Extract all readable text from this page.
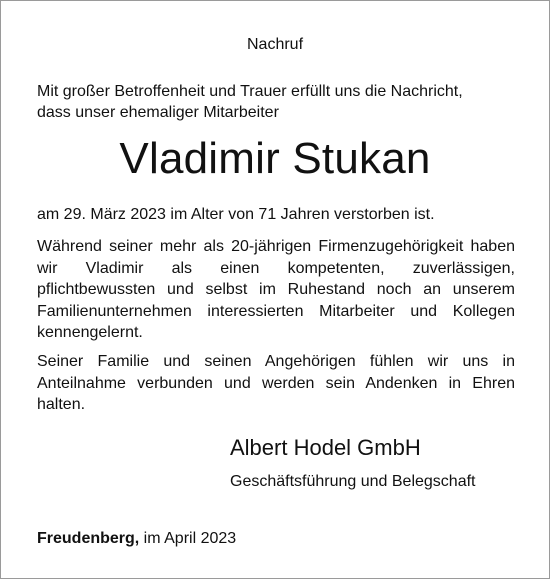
Nachruf
Mit großer Betroffenheit und Trauer erfüllt uns die Nachricht,
dass unser ehemaliger Mitarbeiter
Vladimir Stukan
am 29. März 2023 im Alter von 71 Jahren verstorben ist.
Während seiner mehr als 20-jährigen Firmenzugehörigkeit haben wir Vladimir als einen kompetenten, zuverlässigen, pflichtbewussten und selbst im Ruhestand noch an unserem Familienunternehmen interessierten Mitarbeiter und Kollegen kennengelernt.
Seiner Familie und seinen Angehörigen fühlen wir uns in Anteilnahme verbunden und werden sein Andenken in Ehren halten.
Albert Hodel GmbH
Geschäftsführung und Belegschaft
Freudenberg, im April 2023
